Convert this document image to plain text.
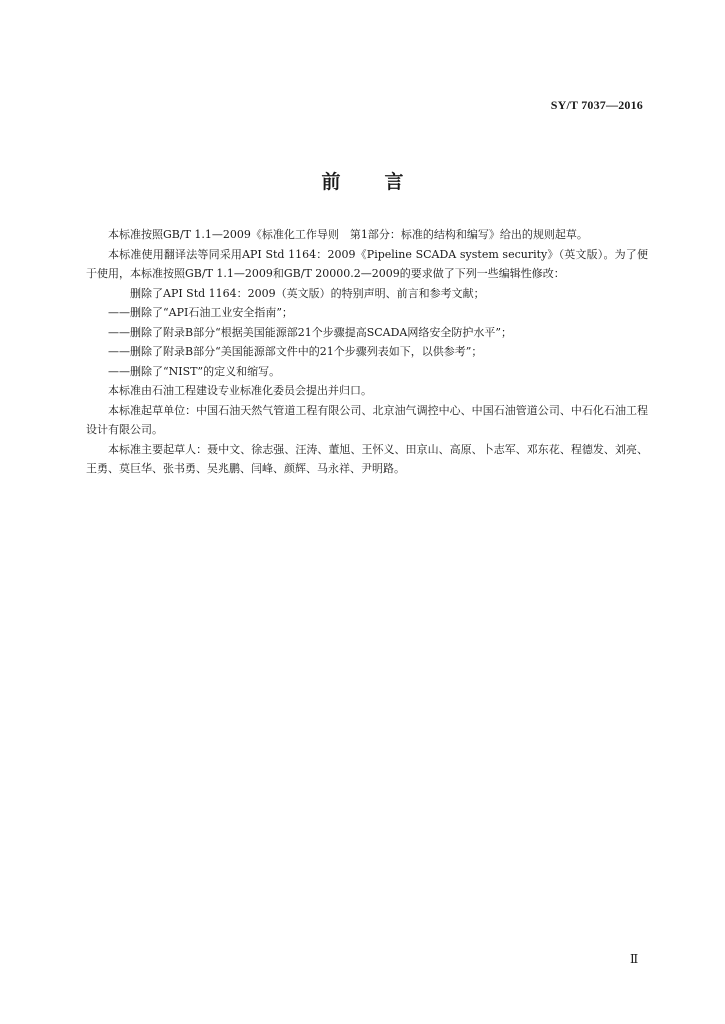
SY/T 7037—2016
前言

本标准按照GB/T 1.1—2009《标准化工作导则　第1部分：标准的结构和编写》给出的规则起草。

本标准使用翻译法等同采用API Std 1164：2009《Pipeline SCADA system security》（英文版）。为了便于使用，本标准按照GB/T 1.1—2009和GB/T 20000.2—2009的要求做了下列一些编辑性修改：

删除了API Std 1164：2009（英文版）的特别声明、前言和参考文献；

——删除了“API石油工业安全指南”；

——删除了附录B部分“根据美国能源部21个步骤提高SCADA网络安全防护水平”；

——删除了附录B部分“美国能源部文件中的21个步骤列表如下，以供参考”；

——删除了“NIST”的定义和缩写。

本标准由石油工程建设专业标准化委员会提出并归口。

本标准起草单位：中国石油天然气管道工程有限公司、北京油气调控中心、中国石油管道公司、中石化石油工程设计有限公司。

本标准主要起草人：聂中文、徐志强、汪涛、董旭、王怀义、田京山、高原、卜志军、邓东花、程德发、刘亮、王勇、莫巨华、张书勇、吴兆鹏、闫峰、颜辉、马永祥、尹明路。

Ⅱ
